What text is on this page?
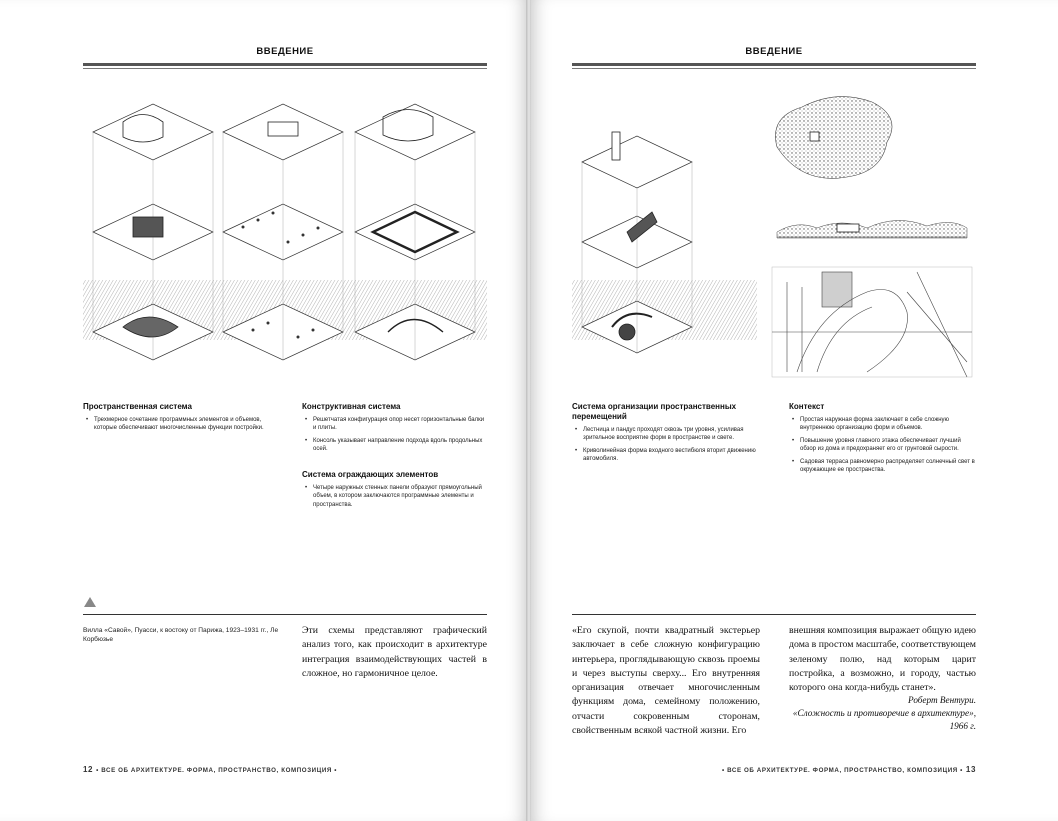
ВВЕДЕНИЕ
Пространственная система
• Трехмерное сочетание программных элементов и объемов, которые обеспечивают многочисленные функции постройки.
Конструктивная система
• Решетчатая конфигурация опор несет горизонтальные балки и плиты.
• Консоль указывает направление подхода вдоль продольных осей.
Система ограждающих элементов
• Четыре наружных стенных панели образуют прямоугольный объем, в котором заключаются программные элементы и пространства.
Вилла «Савой», Пуасси, к востоку от Парижа, 1923–1931 гг., Ле Корбюзье
Эти схемы представляют графический анализ того, как происходит в архитектуре интеграция взаимодействующих частей в сложное, но гармоничное целое.
12 • ВСЕ ОБ АРХИТЕКТУРЕ. ФОРМА, ПРОСТРАНСТВО, КОМПОЗИЦИЯ •
ВВЕДЕНИЕ
Система организации пространственных перемещений
• Лестница и пандус проходят сквозь три уровня, усиливая зрительное восприятие форм в пространстве и свете.
• Криволинейная форма входного вестибюля вторит движению автомобиля.
Контекст
• Простая наружная форма заключает в себе сложную внутреннюю организацию форм и объемов.
• Повышение уровня главного этажа обеспечивает лучший обзор из дома и предохраняет его от грунтовой сырости.
• Садовая терраса равномерно распределяет солнечный свет в окружающие ее пространства.
«Его скупой, почти квадратный экстерьер заключает в себе сложную конфигурацию интерьера, проглядывающую сквозь проемы и через выступы сверху... Его внутренняя организация отвечает многочисленным функциям дома, семейному положению, отчасти сокровенным сторонам, свойственным всякой частной жизни. Его
внешняя композиция выражает общую идею дома в простом масштабе, соответствующем зеленому полю, над которым царит постройка, а возможно, и городу, частью которого она когда-нибудь станет».
Роберт Вентури.
«Сложность и противоречие в архитектуре», 1966 г.
• ВСЕ ОБ АРХИТЕКТУРЕ. ФОРМА, ПРОСТРАНСТВО, КОМПОЗИЦИЯ • 13
